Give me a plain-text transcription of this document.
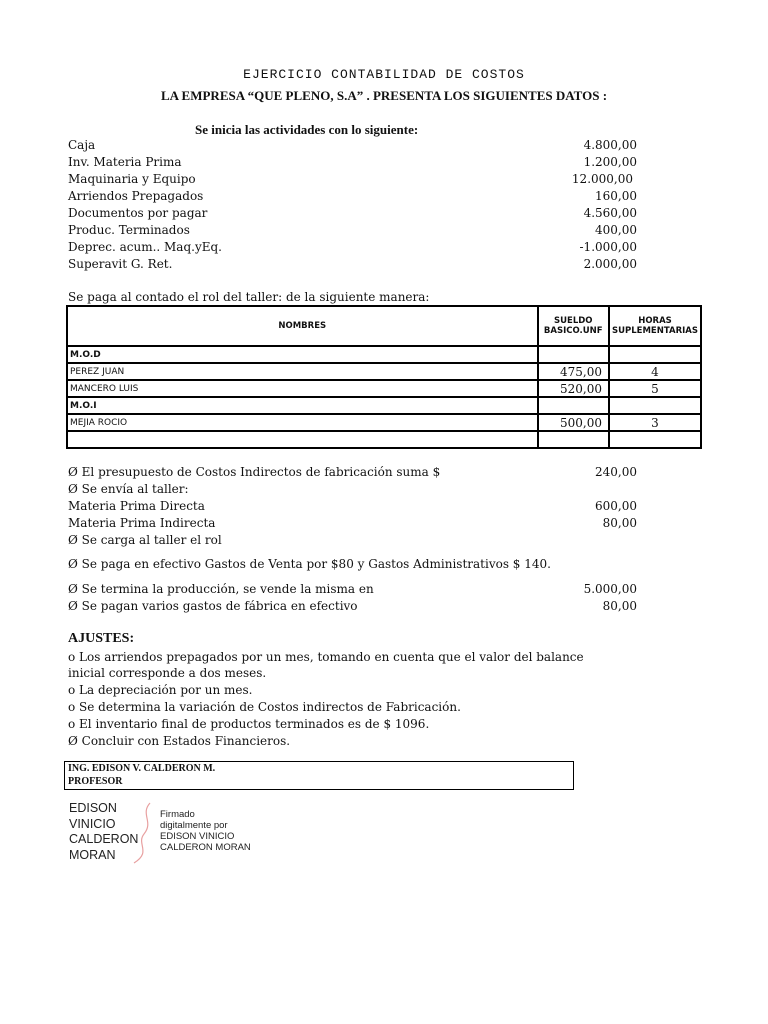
EJERCICIO CONTABILIDAD DE COSTOS
LA EMPRESA “QUE PLENO, S.A” . PRESENTA LOS SIGUIENTES DATOS :
Se inicia las actividades con lo siguiente:
Caja	4.800,00
Inv. Materia Prima	1.200,00
Maquinaria y Equipo	12.000,00
Arriendos Prepagados	160,00
Documentos por pagar	4.560,00
Produc. Terminados	400,00
Deprec. acum.. Maq.yEq.	-1.000,00
Superavit G. Ret.	2.000,00
Se paga al contado el rol del taller: de la siguiente manera:
NOMBRES	SUELDO BASICO.UNF	HORAS SUPLEMENTARIAS
M.O.D		
PEREZ JUAN	475,00	4
MANCERO LUIS	520,00	5
M.O.I		
MEJIA ROCIO	500,00	3

Ø El presupuesto de Costos Indirectos de fabricación suma $	240,00
Ø Se envía al taller:
Materia Prima Directa	600,00
Materia Prima Indirecta	80,00
Ø Se carga al taller el rol
Ø Se paga en efectivo Gastos de Venta por $80 y Gastos Administrativos $ 140.
Ø Se termina la producción, se vende la misma en	5.000,00
Ø Se pagan varios gastos de fábrica en efectivo	80,00
AJUSTES:
o Los arriendos prepagados por un mes, tomando en cuenta que el valor del balance
inicial corresponde a dos meses.
o La depreciación por un mes.
o Se determina la variación de Costos indirectos de Fabricación.
o El inventario final de productos terminados es de $ 1096.
Ø Concluir con Estados Financieros.
ING. EDISON V. CALDERON M.
PROFESOR
EDISON
VINICIO
CALDERON
MORAN
Firmado
digitalmente por
EDISON VINICIO
CALDERON MORAN
